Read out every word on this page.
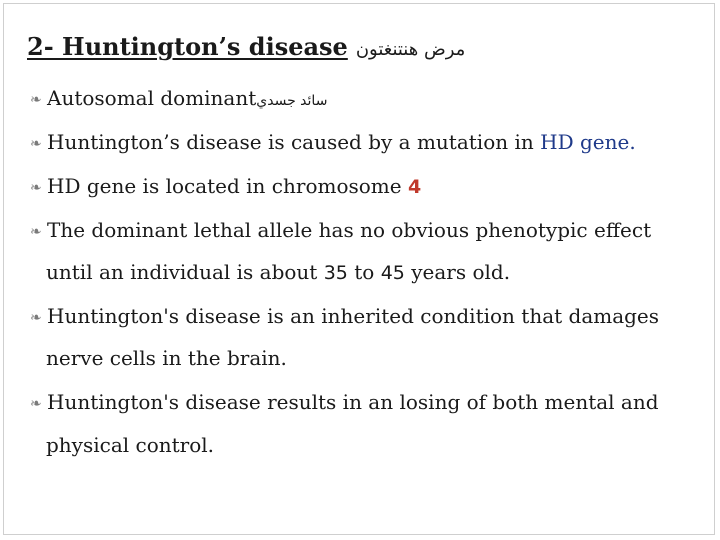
2- Huntington’s disease مرض هنتنغتون
❧ Autosomal dominantسائد جسدي
❧ Huntington’s disease is caused by a mutation in HD gene.
❧ HD gene is located in chromosome 4
❧ The dominant lethal allele has no obvious phenotypic effect
until an individual is about 35 to 45 years old.
❧ Huntington's disease is an inherited condition that damages
nerve cells in the brain.
❧ Huntington's disease results in an losing of both mental and
physical control.
